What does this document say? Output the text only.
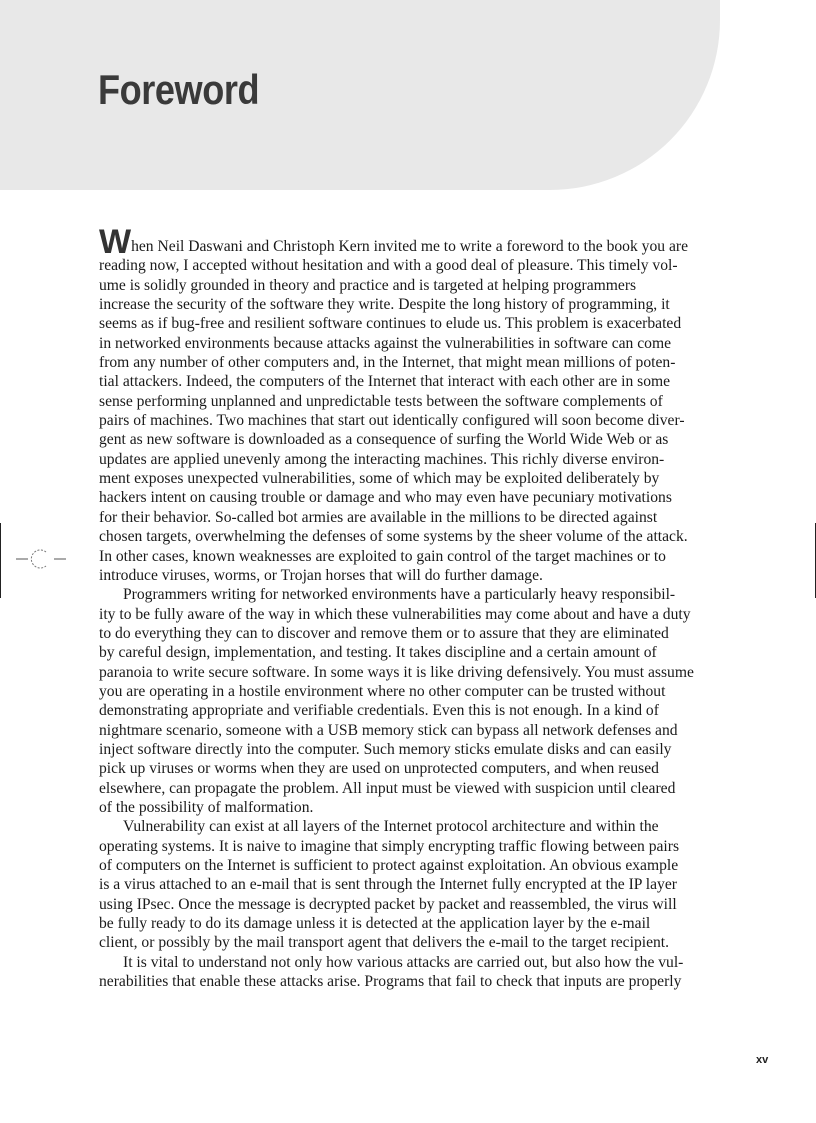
Foreword
When Neil Daswani and Christoph Kern invited me to write a foreword to the book you are
reading now, I accepted without hesitation and with a good deal of pleasure. This timely vol-
ume is solidly grounded in theory and practice and is targeted at helping programmers
increase the security of the software they write. Despite the long history of programming, it
seems as if bug-free and resilient software continues to elude us. This problem is exacerbated
in networked environments because attacks against the vulnerabilities in software can come
from any number of other computers and, in the Internet, that might mean millions of poten-
tial attackers. Indeed, the computers of the Internet that interact with each other are in some
sense performing unplanned and unpredictable tests between the software complements of
pairs of machines. Two machines that start out identically configured will soon become diver-
gent as new software is downloaded as a consequence of surfing the World Wide Web or as
updates are applied unevenly among the interacting machines. This richly diverse environ-
ment exposes unexpected vulnerabilities, some of which may be exploited deliberately by
hackers intent on causing trouble or damage and who may even have pecuniary motivations
for their behavior. So-called bot armies are available in the millions to be directed against
chosen targets, overwhelming the defenses of some systems by the sheer volume of the attack.
In other cases, known weaknesses are exploited to gain control of the target machines or to
introduce viruses, worms, or Trojan horses that will do further damage.
Programmers writing for networked environments have a particularly heavy responsibil-
ity to be fully aware of the way in which these vulnerabilities may come about and have a duty
to do everything they can to discover and remove them or to assure that they are eliminated
by careful design, implementation, and testing. It takes discipline and a certain amount of
paranoia to write secure software. In some ways it is like driving defensively. You must assume
you are operating in a hostile environment where no other computer can be trusted without
demonstrating appropriate and verifiable credentials. Even this is not enough. In a kind of
nightmare scenario, someone with a USB memory stick can bypass all network defenses and
inject software directly into the computer. Such memory sticks emulate disks and can easily
pick up viruses or worms when they are used on unprotected computers, and when reused
elsewhere, can propagate the problem. All input must be viewed with suspicion until cleared
of the possibility of malformation.
Vulnerability can exist at all layers of the Internet protocol architecture and within the
operating systems. It is naive to imagine that simply encrypting traffic flowing between pairs
of computers on the Internet is sufficient to protect against exploitation. An obvious example
is a virus attached to an e-mail that is sent through the Internet fully encrypted at the IP layer
using IPsec. Once the message is decrypted packet by packet and reassembled, the virus will
be fully ready to do its damage unless it is detected at the application layer by the e-mail
client, or possibly by the mail transport agent that delivers the e-mail to the target recipient.
It is vital to understand not only how various attacks are carried out, but also how the vul-
nerabilities that enable these attacks arise. Programs that fail to check that inputs are properly
xv
